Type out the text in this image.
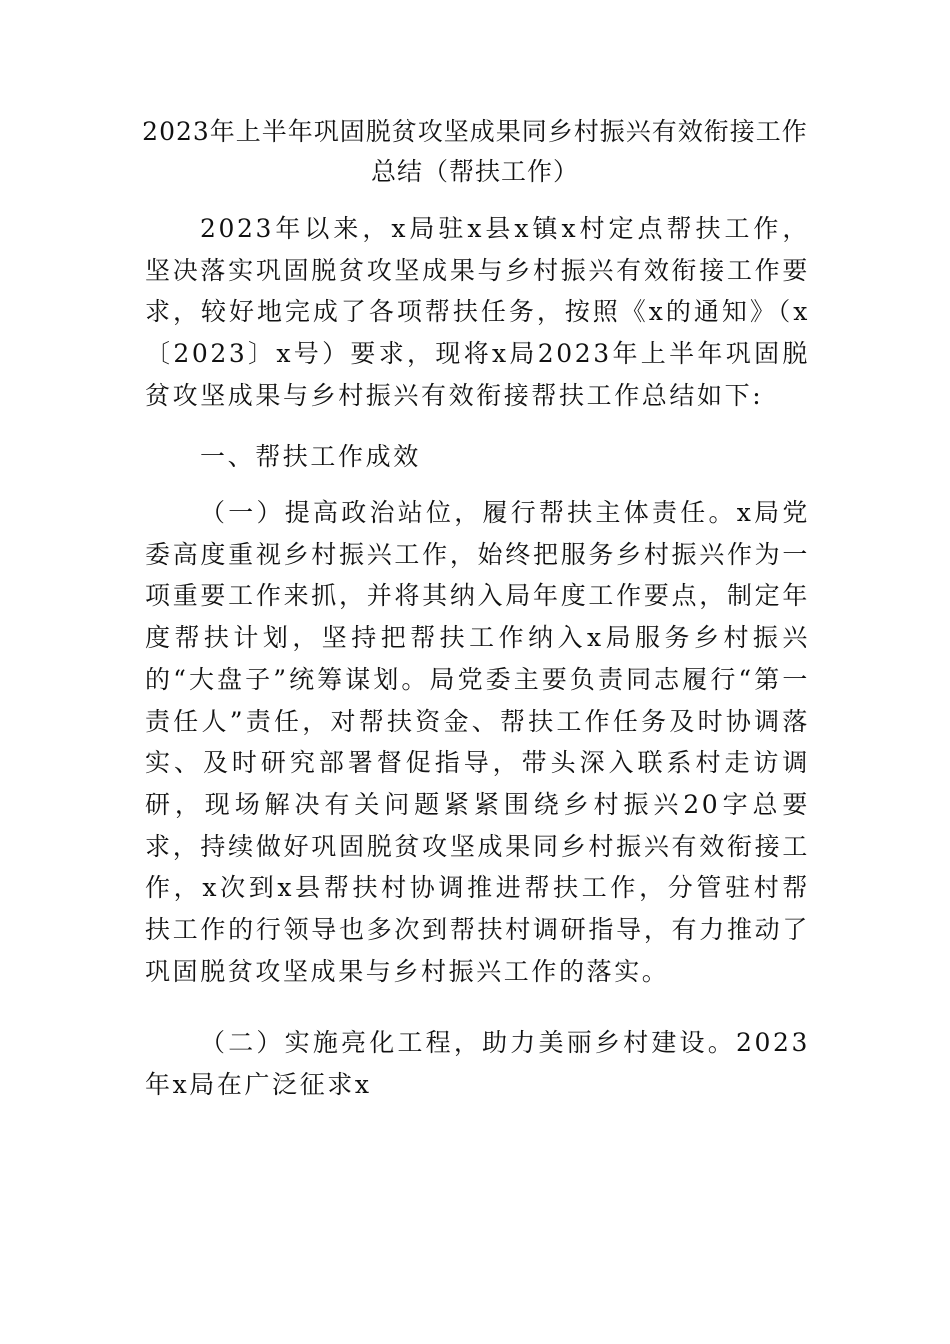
2023年上半年巩固脱贫攻坚成果同乡村振兴有效衔接工作
总结（帮扶工作）

2023年以来，x局驻x县x镇x村定点帮扶工作，坚决落实巩固脱贫攻坚成果与乡村振兴有效衔接工作要求，较好地完成了各项帮扶任务，按照《x的通知》（x〔2023〕x号）要求，现将x局2023年上半年巩固脱贫攻坚成果与乡村振兴有效衔接帮扶工作总结如下:

一、帮扶工作成效

（一）提高政治站位，履行帮扶主体责任。x局党委高度重视乡村振兴工作，始终把服务乡村振兴作为一项重要工作来抓，并将其纳入局年度工作要点，制定年度帮扶计划，坚持把帮扶工作纳入x局服务乡村振兴的“大盘子”统筹谋划。局党委主要负责同志履行“第一责任人”责任，对帮扶资金、帮扶工作任务及时协调落实、及时研究部署督促指导，带头深入联系村走访调研，现场解决有关问题紧紧围绕乡村振兴20字总要求，持续做好巩固脱贫攻坚成果同乡村振兴有效衔接工作，x次到x县帮扶村协调推进帮扶工作，分管驻村帮扶工作的行领导也多次到帮扶村调研指导，有力推动了巩固脱贫攻坚成果与乡村振兴工作的落实。

（二）实施亮化工程，助力美丽乡村建设。2023年x局在广泛征求x
